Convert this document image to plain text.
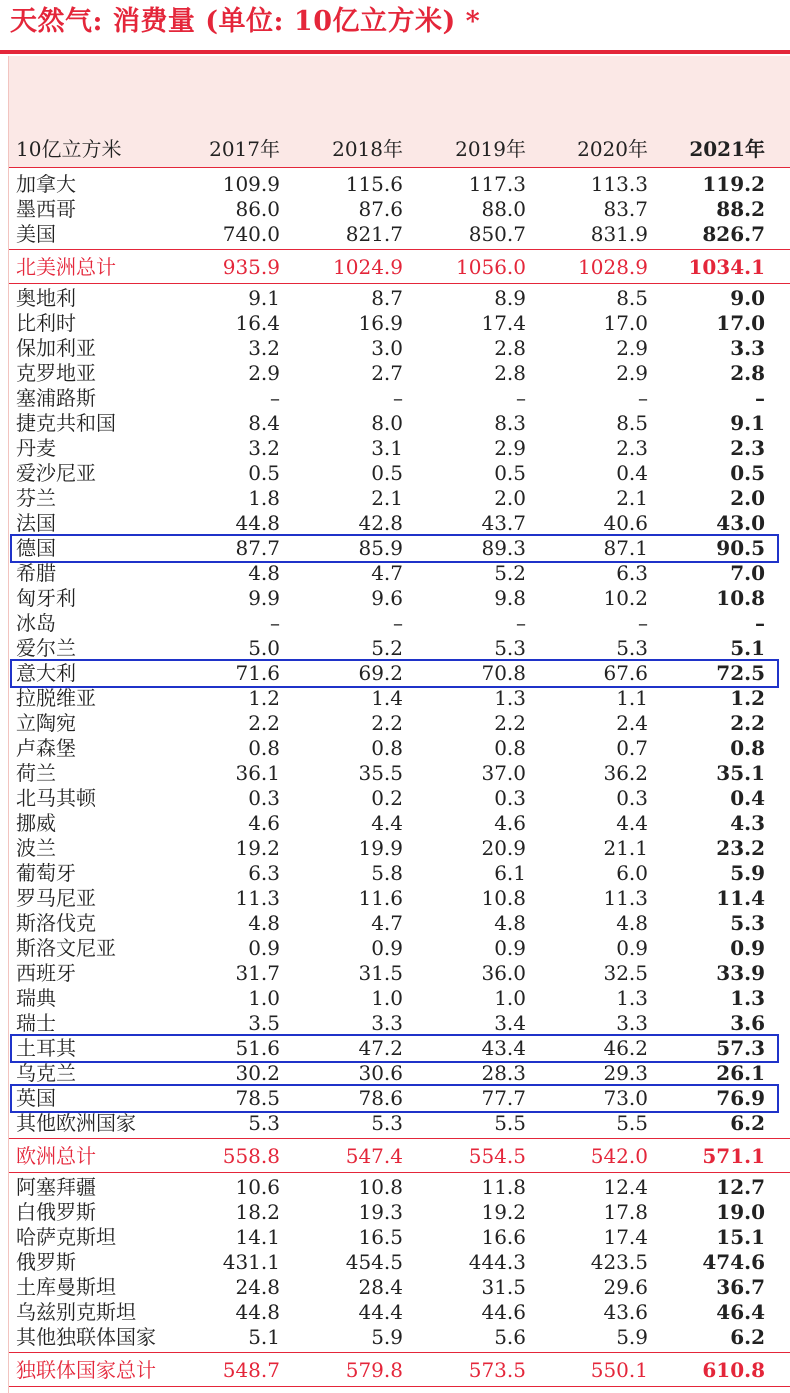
天然气: 消费量 (单位: 10亿立方米) *
10亿立方米	2017年	2018年	2019年	2020年 2021年
加拿大	109.9	115.6	117.3	113.3	119.2
墨西哥	86.0	87.6	88.0	83.7	88.2
美国	740.0	821.7	850.7	831.9	826.7
北美洲总计	935.9	1024.9	1056.0	1028.9 1034.1
奥地利	9.1	8.7	8.9	8.5	9.0
比利时	16.4	16.9	17.4	17.0	17.0
保加利亚	3.2	3.0	2.8	2.9	3.3
克罗地亚	2.9	2.7	2.8	2.9	2.8
塞浦路斯	–	–	–	–	–
捷克共和国	8.4	8.0	8.3	8.5	9.1
丹麦	3.2	3.1	2.9	2.3	2.3
爱沙尼亚	0.5	0.5	0.5	0.4	0.5
芬兰	1.8	2.1	2.0	2.1	2.0
法国	44.8	42.8	43.7	40.6	43.0
德国	87.7	85.9	89.3	87.1	90.5
希腊	4.8	4.7	5.2	6.3	7.0
匈牙利	9.9	9.6	9.8	10.2	10.8
冰岛	–	–	–	–	–
爱尔兰	5.0	5.2	5.3	5.3	5.1
意大利	71.6	69.2	70.8	67.6	72.5
拉脱维亚	1.2	1.4	1.3	1.1	1.2
立陶宛	2.2	2.2	2.2	2.4	2.2
卢森堡	0.8	0.8	0.8	0.7	0.8
荷兰	36.1	35.5	37.0	36.2	35.1
北马其顿	0.3	0.2	0.3	0.3	0.4
挪威	4.6	4.4	4.6	4.4	4.3
波兰	19.2	19.9	20.9	21.1	23.2
葡萄牙	6.3	5.8	6.1	6.0	5.9
罗马尼亚	11.3	11.6	10.8	11.3	11.4
斯洛伐克	4.8	4.7	4.8	4.8	5.3
斯洛文尼亚	0.9	0.9	0.9	0.9	0.9
西班牙	31.7	31.5	36.0	32.5	33.9
瑞典	1.0	1.0	1.0	1.3	1.3
瑞士	3.5	3.3	3.4	3.3	3.6
土耳其	51.6	47.2	43.4	46.2	57.3
乌克兰	30.2	30.6	28.3	29.3	26.1
英国	78.5	78.6	77.7	73.0	76.9
其他欧洲国家	5.3	5.3	5.5	5.5	6.2
欧洲总计	558.8	547.4	554.5	542.0	571.1
阿塞拜疆	10.6	10.8	11.8	12.4	12.7
白俄罗斯	18.2	19.3	19.2	17.8	19.0
哈萨克斯坦	14.1	16.5	16.6	17.4	15.1
俄罗斯	431.1	454.5	444.3	423.5	474.6
土库曼斯坦	24.8	28.4	31.5	29.6	36.7
乌兹别克斯坦	44.8	44.4	44.6	43.6	46.4
其他独联体国家	5.1	5.9	5.6	5.9	6.2
独联体国家总计	548.7	579.8	573.5	550.1	610.8
